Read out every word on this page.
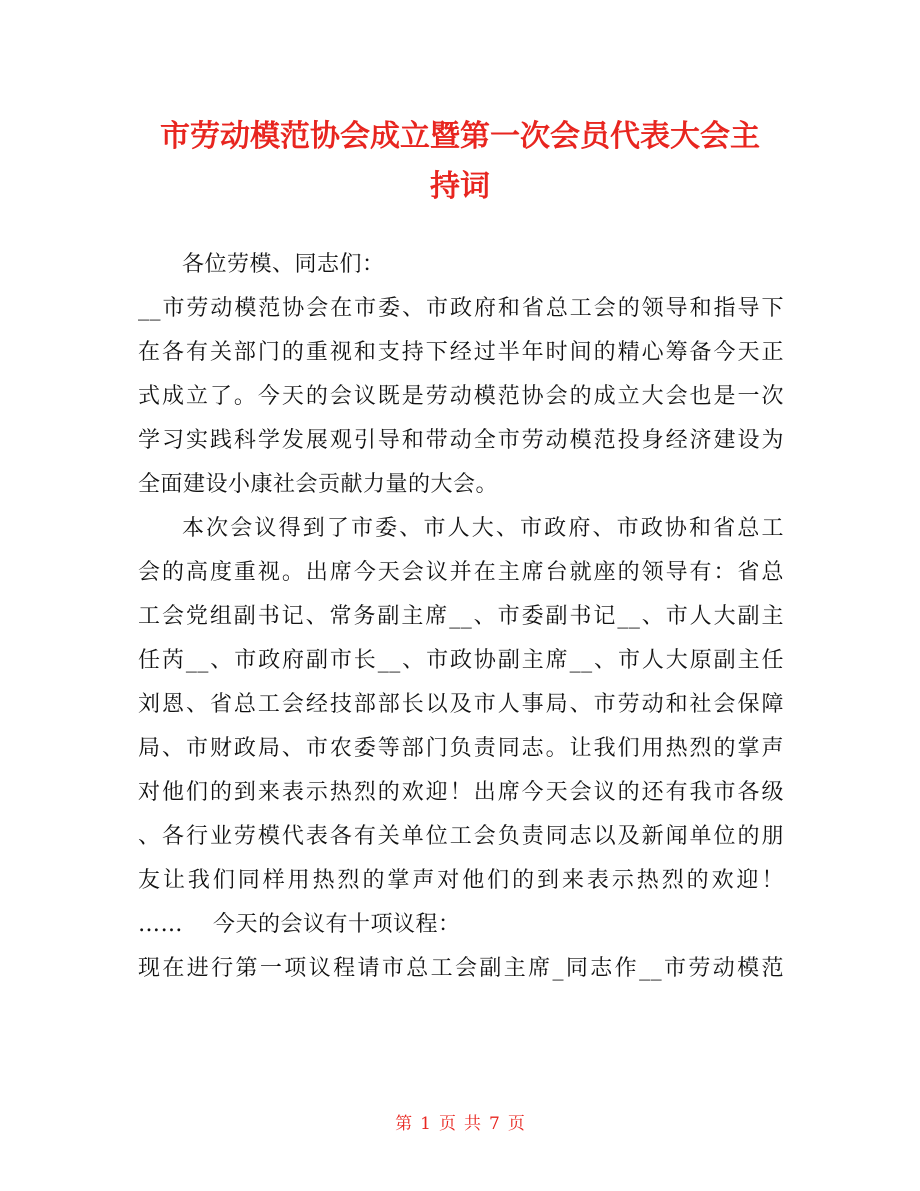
市劳动模范协会成立暨第一次会员代表大会主
持词
各位劳模、同志们：
__市劳动模范协会在市委、市政府和省总工会的领导和指导下
在各有关部门的重视和支持下经过半年时间的精心筹备今天正
式成立了。今天的会议既是劳动模范协会的成立大会也是一次
学习实践科学发展观引导和带动全市劳动模范投身经济建设为
全面建设小康社会贡献力量的大会。
本次会议得到了市委、市人大、市政府、市政协和省总工
会的高度重视。出席今天会议并在主席台就座的领导有：省总
工会党组副书记、常务副主席__、市委副书记__、市人大副主
任芮__、市政府副市长__、市政协副主席__、市人大原副主任
刘恩、省总工会经技部部长以及市人事局、市劳动和社会保障
局、市财政局、市农委等部门负责同志。让我们用热烈的掌声
对他们的到来表示热烈的欢迎！出席今天会议的还有我市各级
、各行业劳模代表各有关单位工会负责同志以及新闻单位的朋
友让我们同样用热烈的掌声对他们的到来表示热烈的欢迎！
……    今天的会议有十项议程：
现在进行第一项议程请市总工会副主席_同志作__市劳动模范
第 1 页 共 7 页
